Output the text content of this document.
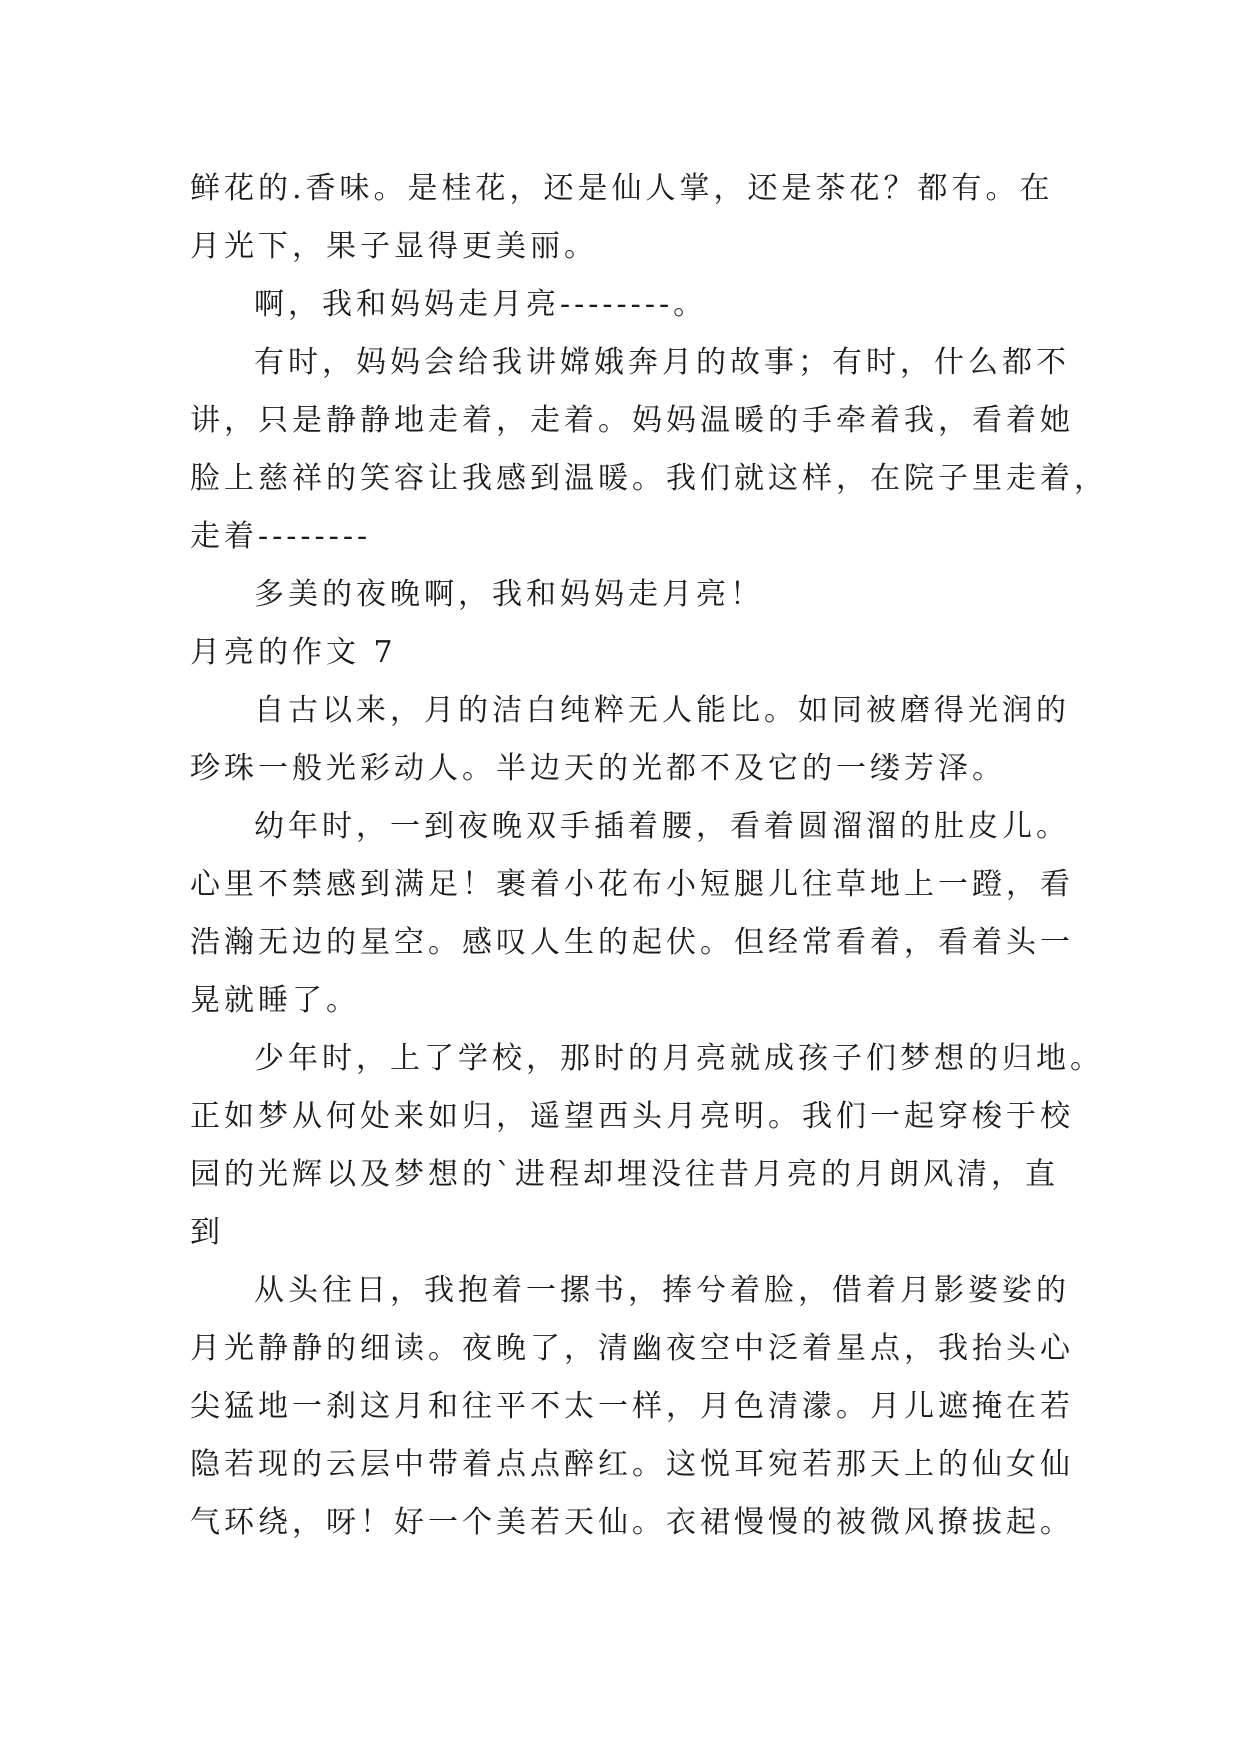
鲜花的.香味。是桂花，还是仙人掌，还是茶花？都有。在
月光下，果子显得更美丽。
啊，我和妈妈走月亮--------。
有时，妈妈会给我讲嫦娥奔月的故事；有时，什么都不
讲，只是静静地走着，走着。妈妈温暖的手牵着我，看着她
脸上慈祥的笑容让我感到温暖。我们就这样，在院子里走着，
走着--------
多美的夜晚啊，我和妈妈走月亮！
月亮的作文 7
自古以来，月的洁白纯粹无人能比。如同被磨得光润的
珍珠一般光彩动人。半边天的光都不及它的一缕芳泽。
幼年时，一到夜晚双手插着腰，看着圆溜溜的肚皮儿。
心里不禁感到满足！裹着小花布小短腿儿往草地上一蹬，看
浩瀚无边的星空。感叹人生的起伏。但经常看着，看着头一
晃就睡了。
少年时，上了学校，那时的月亮就成孩子们梦想的归地。
正如梦从何处来如归，遥望西头月亮明。我们一起穿梭于校
园的光辉以及梦想的`进程却埋没往昔月亮的月朗风清，直
到
从头往日，我抱着一摞书，捧兮着脸，借着月影婆娑的
月光静静的细读。夜晚了，清幽夜空中泛着星点，我抬头心
尖猛地一刹这月和往平不太一样，月色清濛。月儿遮掩在若
隐若现的云层中带着点点醉红。这悦耳宛若那天上的仙女仙
气环绕，呀！好一个美若天仙。衣裙慢慢的被微风撩拔起。
